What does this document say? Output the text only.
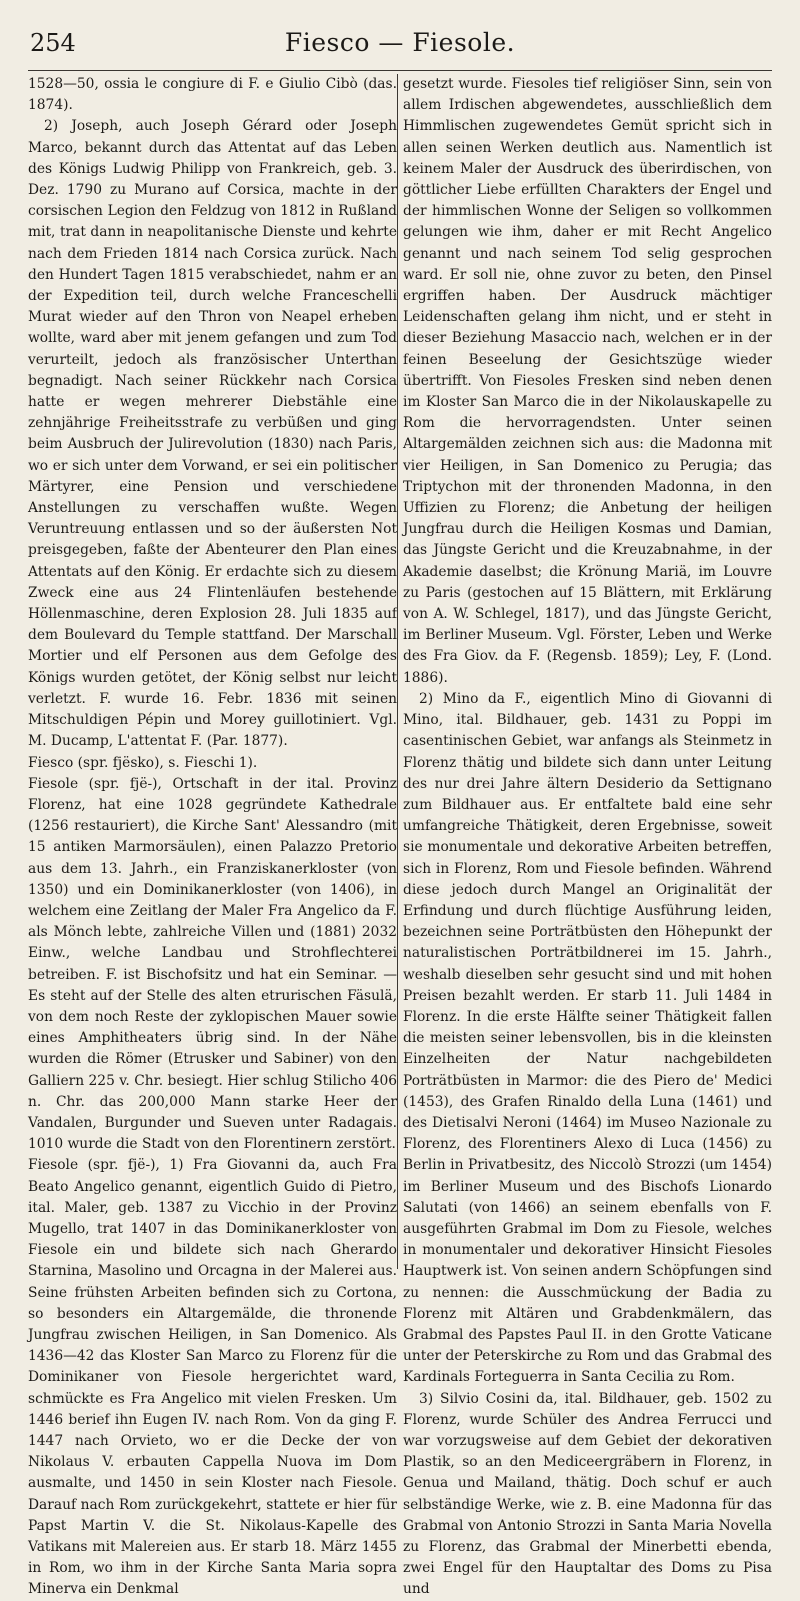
254	Fiesco — Fiesole.

1528—50, ossia le congiure di F. e Giulio Cibò (das. 1874).

2) Joseph, auch Joseph Gérard oder Joseph Marco, bekannt durch das Attentat auf das Leben des Königs Ludwig Philipp von Frankreich, geb. 3. Dez. 1790 zu Murano auf Corsica, machte in der corsischen Legion den Feldzug von 1812 in Rußland mit, trat dann in neapolitanische Dienste und kehrte nach dem Frieden 1814 nach Corsica zurück. Nach den Hundert Tagen 1815 verabschiedet, nahm er an der Expedition teil, durch welche Franceschelli Murat wieder auf den Thron von Neapel erheben wollte, ward aber mit jenem gefangen und zum Tod verurteilt, jedoch als französischer Unterthan begnadigt. Nach seiner Rückkehr nach Corsica hatte er wegen mehrerer Diebstähle eine zehnjährige Freiheitsstrafe zu verbüßen und ging beim Ausbruch der Julirevolution (1830) nach Paris, wo er sich unter dem Vorwand, er sei ein politischer Märtyrer, eine Pension und verschiedene Anstellungen zu verschaffen wußte. Wegen Veruntreuung entlassen und so der äußersten Not preisgegeben, faßte der Abenteurer den Plan eines Attentats auf den König. Er erdachte sich zu diesem Zweck eine aus 24 Flintenläufen bestehende Höllenmaschine, deren Explosion 28. Juli 1835 auf dem Boulevard du Temple stattfand. Der Marschall Mortier und elf Personen aus dem Gefolge des Königs wurden getötet, der König selbst nur leicht verletzt. F. wurde 16. Febr. 1836 mit seinen Mitschuldigen Pépin und Morey guillotiniert. Vgl. M. Ducamp, L'attentat F. (Par. 1877).

Fiesco (spr. fjësko), s. Fieschi 1).

Fiesole (spr. fjë-), Ortschaft in der ital. Provinz Florenz, hat eine 1028 gegründete Kathedrale (1256 restauriert), die Kirche Sant' Alessandro (mit 15 antiken Marmorsäulen), einen Palazzo Pretorio aus dem 13. Jahrh., ein Franziskanerkloster (von 1350) und ein Dominikanerkloster (von 1406), in welchem eine Zeitlang der Maler Fra Angelico da F. als Mönch lebte, zahlreiche Villen und (1881) 2032 Einw., welche Landbau und Strohflechterei betreiben. F. ist Bischofsitz und hat ein Seminar. — Es steht auf der Stelle des alten etrurischen Fäsulä, von dem noch Reste der zyklopischen Mauer sowie eines Amphitheaters übrig sind. In der Nähe wurden die Römer (Etrusker und Sabiner) von den Galliern 225 v. Chr. besiegt. Hier schlug Stilicho 406 n. Chr. das 200,000 Mann starke Heer der Vandalen, Burgunder und Sueven unter Radagais. 1010 wurde die Stadt von den Florentinern zerstört.

Fiesole (spr. fjë-), 1) Fra Giovanni da, auch Fra Beato Angelico genannt, eigentlich Guido di Pietro, ital. Maler, geb. 1387 zu Vicchio in der Provinz Mugello, trat 1407 in das Dominikanerkloster von Fiesole ein und bildete sich nach Gherardo Starnina, Masolino und Orcagna in der Malerei aus. Seine frühsten Arbeiten befinden sich zu Cortona, so besonders ein Altargemälde, die thronende Jungfrau zwischen Heiligen, in San Domenico. Als 1436—42 das Kloster San Marco zu Florenz für die Dominikaner von Fiesole hergerichtet ward, schmückte es Fra Angelico mit vielen Fresken. Um 1446 berief ihn Eugen IV. nach Rom. Von da ging F. 1447 nach Orvieto, wo er die Decke der von Nikolaus V. erbauten Cappella Nuova im Dom ausmalte, und 1450 in sein Kloster nach Fiesole. Darauf nach Rom zurückgekehrt, stattete er hier für Papst Martin V. die St. Nikolaus-Kapelle des Vatikans mit Malereien aus. Er starb 18. März 1455 in Rom, wo ihm in der Kirche Santa Maria sopra Minerva ein Denkmal

gesetzt wurde. Fiesoles tief religiöser Sinn, sein von allem Irdischen abgewendetes, ausschließlich dem Himmlischen zugewendetes Gemüt spricht sich in allen seinen Werken deutlich aus. Namentlich ist keinem Maler der Ausdruck des überirdischen, von göttlicher Liebe erfüllten Charakters der Engel und der himmlischen Wonne der Seligen so vollkommen gelungen wie ihm, daher er mit Recht Angelico genannt und nach seinem Tod selig gesprochen ward. Er soll nie, ohne zuvor zu beten, den Pinsel ergriffen haben. Der Ausdruck mächtiger Leidenschaften gelang ihm nicht, und er steht in dieser Beziehung Masaccio nach, welchen er in der feinen Beseelung der Gesichtszüge wieder übertrifft. Von Fiesoles Fresken sind neben denen im Kloster San Marco die in der Nikolauskapelle zu Rom die hervorragendsten. Unter seinen Altargemälden zeichnen sich aus: die Madonna mit vier Heiligen, in San Domenico zu Perugia; das Triptychon mit der thronenden Madonna, in den Uffizien zu Florenz; die Anbetung der heiligen Jungfrau durch die Heiligen Kosmas und Damian, das Jüngste Gericht und die Kreuzabnahme, in der Akademie daselbst; die Krönung Mariä, im Louvre zu Paris (gestochen auf 15 Blättern, mit Erklärung von A. W. Schlegel, 1817), und das Jüngste Gericht, im Berliner Museum. Vgl. Förster, Leben und Werke des Fra Giov. da F. (Regensb. 1859); Ley, F. (Lond. 1886).

2) Mino da F., eigentlich Mino di Giovanni di Mino, ital. Bildhauer, geb. 1431 zu Poppi im casentinischen Gebiet, war anfangs als Steinmetz in Florenz thätig und bildete sich dann unter Leitung des nur drei Jahre ältern Desiderio da Settignano zum Bildhauer aus. Er entfaltete bald eine sehr umfangreiche Thätigkeit, deren Ergebnisse, soweit sie monumentale und dekorative Arbeiten betreffen, sich in Florenz, Rom und Fiesole befinden. Während diese jedoch durch Mangel an Originalität der Erfindung und durch flüchtige Ausführung leiden, bezeichnen seine Porträtbüsten den Höhepunkt der naturalistischen Porträtbildnerei im 15. Jahrh., weshalb dieselben sehr gesucht sind und mit hohen Preisen bezahlt werden. Er starb 11. Juli 1484 in Florenz. In die erste Hälfte seiner Thätigkeit fallen die meisten seiner lebensvollen, bis in die kleinsten Einzelheiten der Natur nachgebildeten Porträtbüsten in Marmor: die des Piero de' Medici (1453), des Grafen Rinaldo della Luna (1461) und des Dietisalvi Neroni (1464) im Museo Nazionale zu Florenz, des Florentiners Alexo di Luca (1456) zu Berlin in Privatbesitz, des Niccolò Strozzi (um 1454) im Berliner Museum und des Bischofs Lionardo Salutati (von 1466) an seinem ebenfalls von F. ausgeführten Grabmal im Dom zu Fiesole, welches in monumentaler und dekorativer Hinsicht Fiesoles Hauptwerk ist. Von seinen andern Schöpfungen sind zu nennen: die Ausschmückung der Badia zu Florenz mit Altären und Grabdenkmälern, das Grabmal des Papstes Paul II. in den Grotte Vaticane unter der Peterskirche zu Rom und das Grabmal des Kardinals Forteguerra in Santa Cecilia zu Rom.

3) Silvio Cosini da, ital. Bildhauer, geb. 1502 zu Florenz, wurde Schüler des Andrea Ferrucci und war vorzugsweise auf dem Gebiet der dekorativen Plastik, so an den Mediceergräbern in Florenz, in Genua und Mailand, thätig. Doch schuf er auch selbständige Werke, wie z. B. eine Madonna für das Grabmal von Antonio Strozzi in Santa Maria Novella zu Florenz, das Grabmal der Minerbetti ebenda, zwei Engel für den Hauptaltar des Doms zu Pisa und
